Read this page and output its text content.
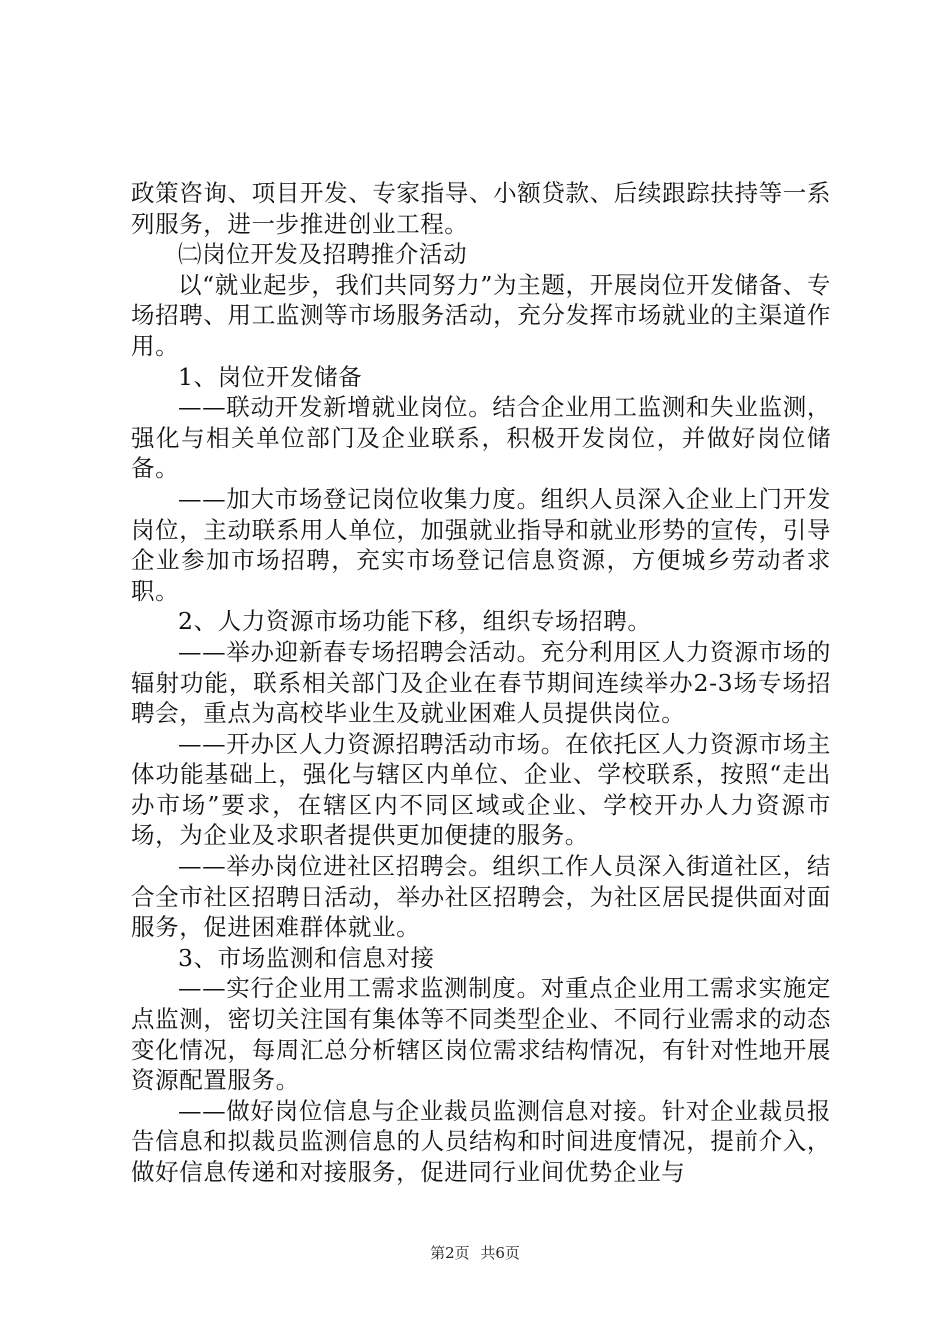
政策咨询、项目开发、专家指导、小额贷款、后续跟踪扶持等一系列服务，进一步推进创业工程。

㈡岗位开发及招聘推介活动

以“就业起步，我们共同努力”为主题，开展岗位开发储备、专场招聘、用工监测等市场服务活动，充分发挥市场就业的主渠道作用。

1、岗位开发储备

——联动开发新增就业岗位。结合企业用工监测和失业监测，强化与相关单位部门及企业联系，积极开发岗位，并做好岗位储备。

——加大市场登记岗位收集力度。组织人员深入企业上门开发岗位，主动联系用人单位，加强就业指导和就业形势的宣传，引导企业参加市场招聘，充实市场登记信息资源，方便城乡劳动者求职。

2、人力资源市场功能下移，组织专场招聘。

——举办迎新春专场招聘会活动。充分利用区人力资源市场的辐射功能，联系相关部门及企业在春节期间连续举办2-3场专场招聘会，重点为高校毕业生及就业困难人员提供岗位。

——开办区人力资源招聘活动市场。在依托区人力资源市场主体功能基础上，强化与辖区内单位、企业、学校联系，按照“走出办市场”要求，在辖区内不同区域或企业、学校开办人力资源市场，为企业及求职者提供更加便捷的服务。

——举办岗位进社区招聘会。组织工作人员深入街道社区，结合全市社区招聘日活动，举办社区招聘会，为社区居民提供面对面服务，促进困难群体就业。

3、市场监测和信息对接

——实行企业用工需求监测制度。对重点企业用工需求实施定点监测，密切关注国有集体等不同类型企业、不同行业需求的动态变化情况，每周汇总分析辖区岗位需求结构情况，有针对性地开展资源配置服务。

——做好岗位信息与企业裁员监测信息对接。针对企业裁员报告信息和拟裁员监测信息的人员结构和时间进度情况，提前介入，做好信息传递和对接服务，促进同行业间优势企业与

第2页 共6页
